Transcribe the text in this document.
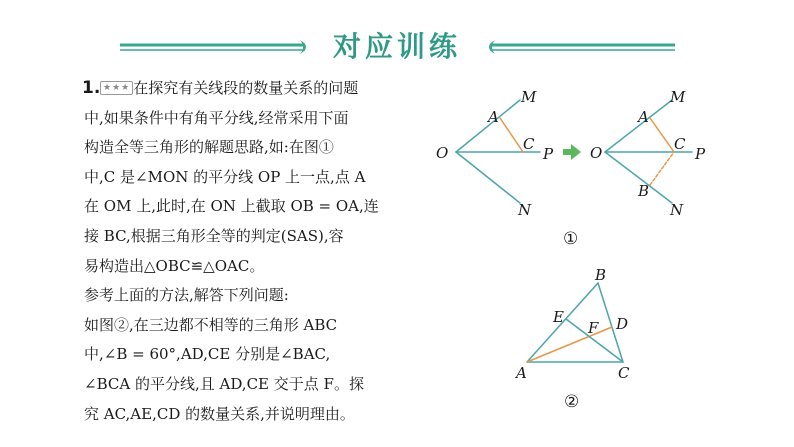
对应训练
1. ★★★ 在探究有关线段的数量关系的问题
中,如果条件中有角平分线,经常采用下面
构造全等三角形的解题思路,如:在图①
中,C 是∠MON 的平分线 OP 上一点,点 A
在 OM 上,此时,在 ON 上截取 OB = OA,连
接 BC,根据三角形全等的判定(SAS),容
易构造出△OBC≌△OAC。
参考上面的方法,解答下列问题:
如图②,在三边都不相等的三角形 ABC
中,∠B = 60°,AD,CE 分别是∠BAC,
∠BCA 的平分线,且 AD,CE 交于点 F。探
究 AC,AE,CD 的数量关系,并说明理由。
O
A
M
C
P
N
O
A
M
C
P
B
N
①
B
E
F D
A	C
②
